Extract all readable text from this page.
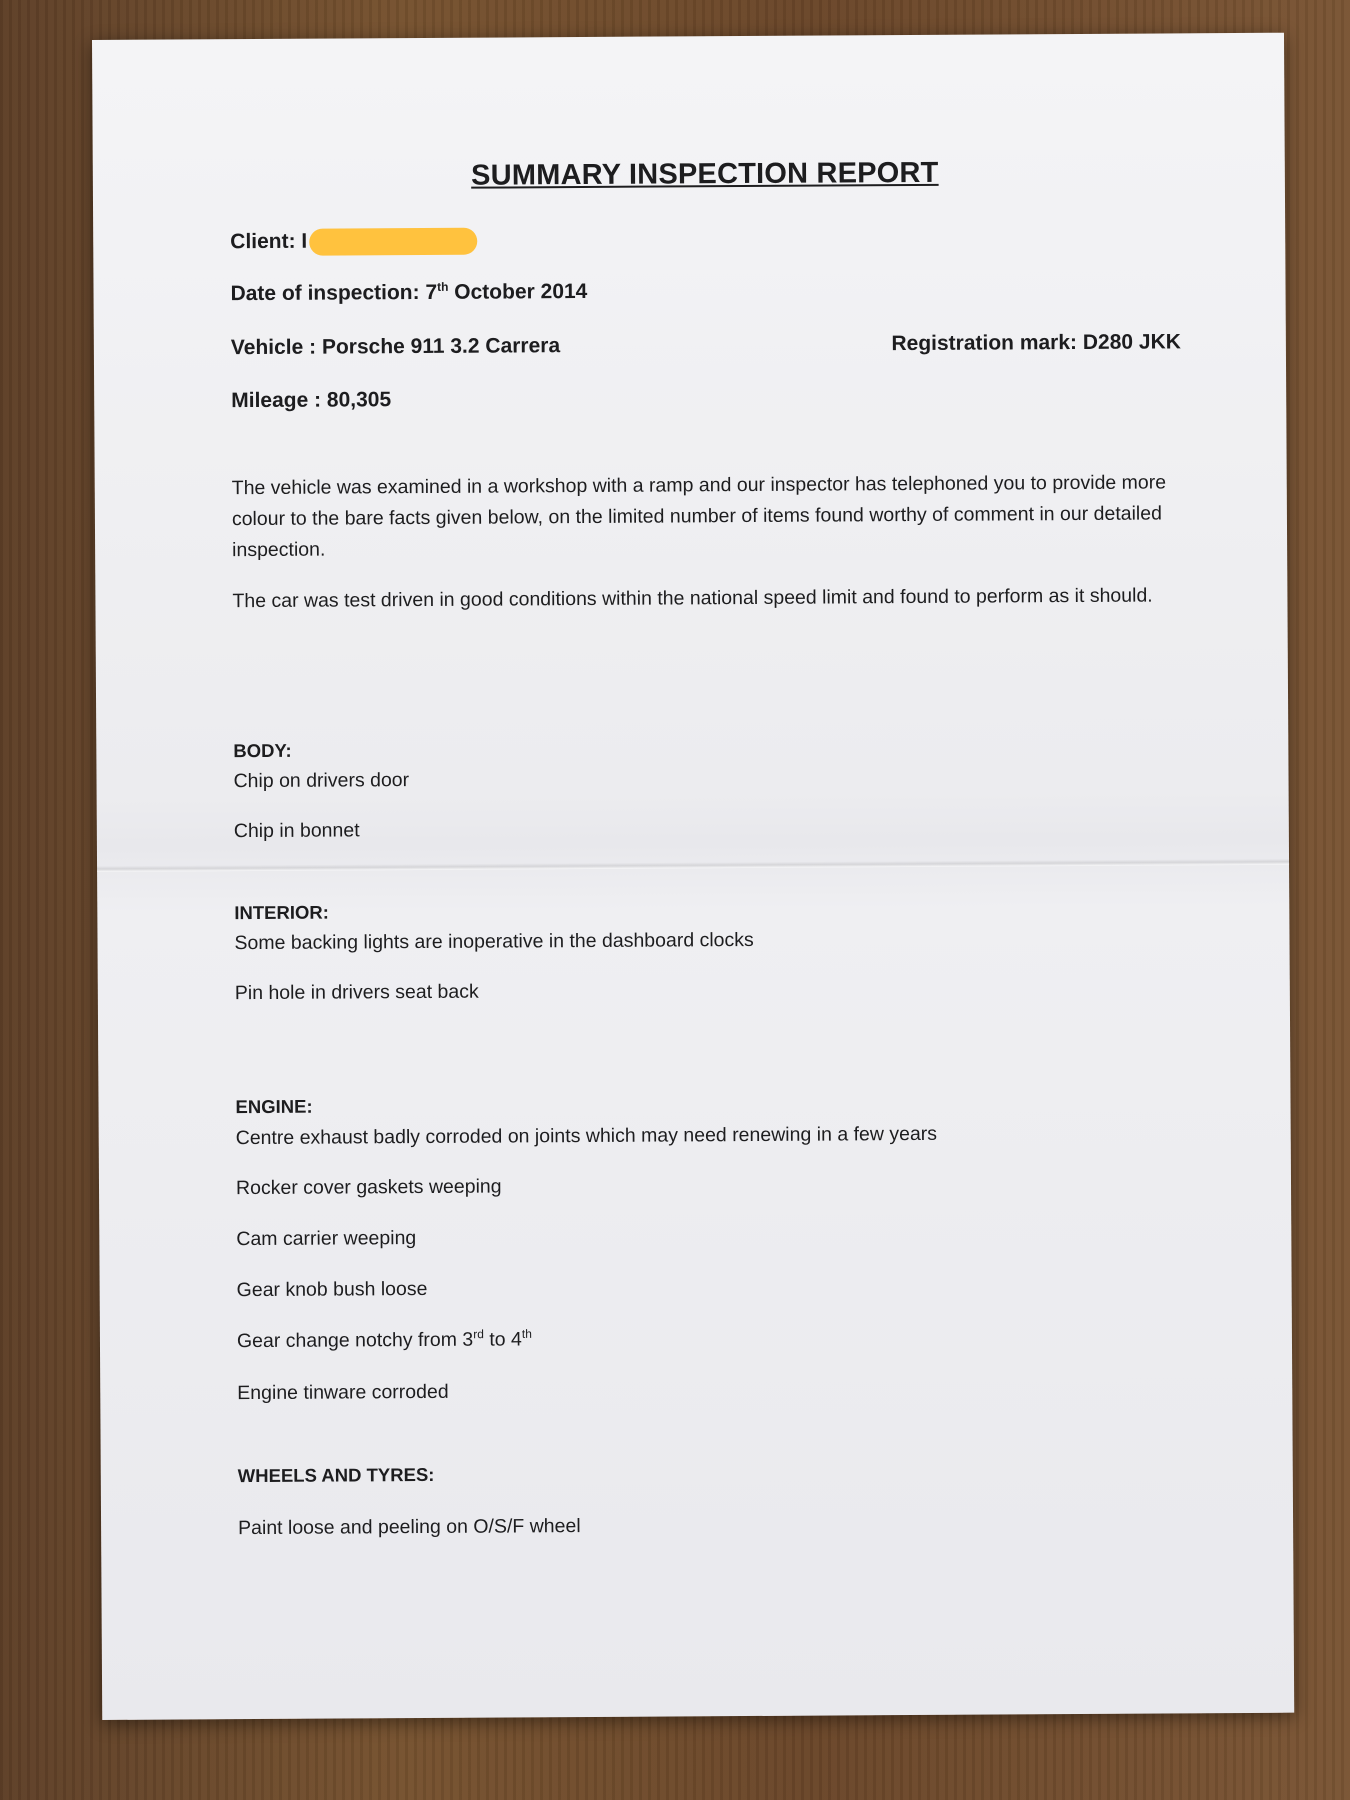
SUMMARY INSPECTION REPORT
Client: I
Date of inspection: 7th October 2014
Vehicle : Porsche 911 3.2 Carrera	Registration mark: D280 JKK
Mileage : 80,305
The vehicle was examined in a workshop with a ramp and our inspector has telephoned you to provide more colour to the bare facts given below, on the limited number of items found worthy of comment in our detailed inspection.
The car was test driven in good conditions within the national speed limit and found to perform as it should.
BODY:
Chip on drivers door
Chip in bonnet
INTERIOR:
Some backing lights are inoperative in the dashboard clocks
Pin hole in drivers seat back
ENGINE:
Centre exhaust badly corroded on joints which may need renewing in a few years
Rocker cover gaskets weeping
Cam carrier weeping
Gear knob bush loose
Gear change notchy from 3rd to 4th
Engine tinware corroded
WHEELS AND TYRES:
Paint loose and peeling on O/S/F wheel
